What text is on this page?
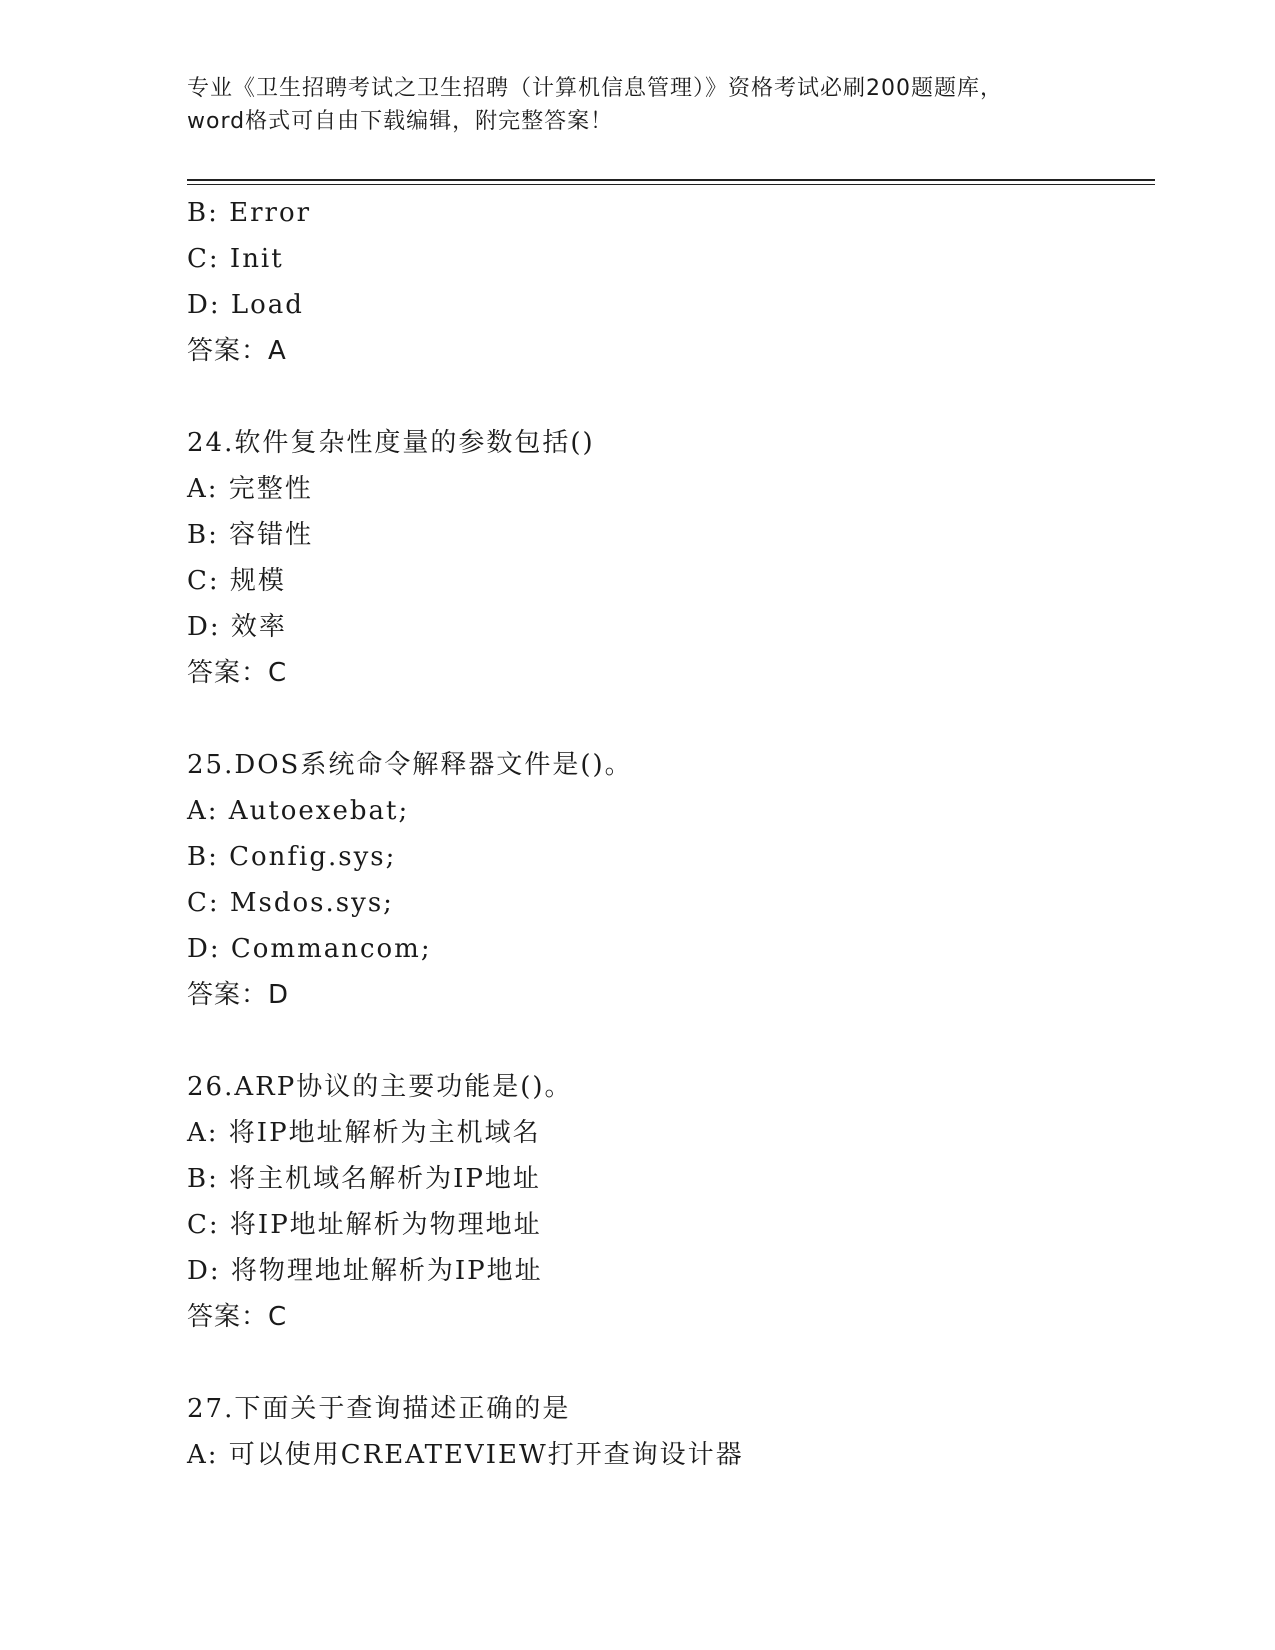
专业《卫生招聘考试之卫生招聘（计算机信息管理）》资格考试必刷200题题库，
word格式可自由下载编辑，附完整答案！
B: Error
C: Init
D: Load
答案：A
24.软件复杂性度量的参数包括()
A: 完整性
B: 容错性
C: 规模
D: 效率
答案：C
25.DOS系统命令解释器文件是()。
A: Autoexebat;
B: Config.sys;
C: Msdos.sys;
D: Commancom;
答案：D
26.ARP协议的主要功能是()。
A: 将IP地址解析为主机域名
B: 将主机域名解析为IP地址
C: 将IP地址解析为物理地址
D: 将物理地址解析为IP地址
答案：C
27.下面关于查询描述正确的是
A: 可以使用CREATEVIEW打开查询设计器
